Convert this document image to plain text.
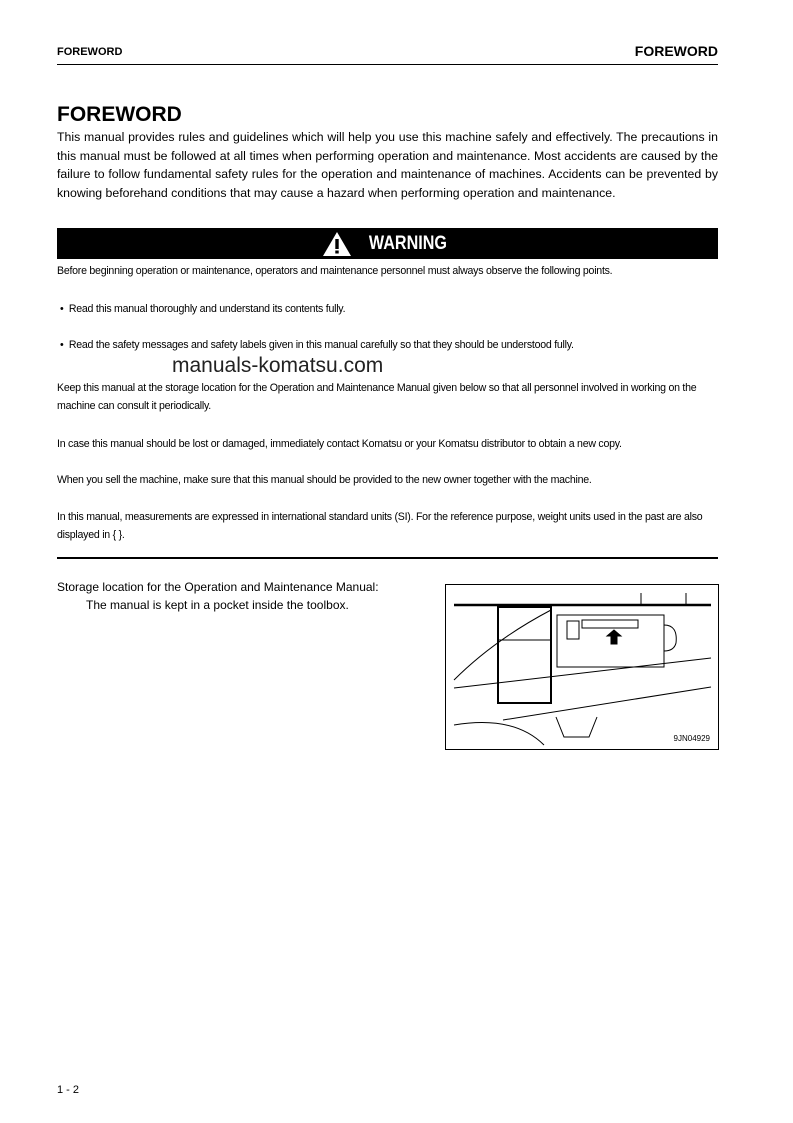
FOREWORD	FOREWORD
FOREWORD
This manual provides rules and guidelines which will help you use this machine safely and effectively. The precautions in this manual must be followed at all times when performing operation and maintenance. Most accidents are caused by the failure to follow fundamental safety rules for the operation and maintenance of machines. Accidents can be prevented by knowing beforehand conditions that may cause a hazard when performing operation and maintenance.
WARNING
Before beginning operation or maintenance, operators and maintenance personnel must always observe the following points.
•  Read this manual thoroughly and understand its contents fully.
•  Read the safety messages and safety labels given in this manual carefully so that they should be understood fully.
manuals-komatsu.com
Keep this manual at the storage location for the Operation and Maintenance Manual given below so that all personnel involved in working on the machine can consult it periodically.
In case this manual should be lost or damaged, immediately contact Komatsu or your Komatsu distributor to obtain a new copy.
When you sell the machine, make sure that this manual should be provided to the new owner together with the machine.
In this manual, measurements are expressed in international standard units (SI). For the reference purpose, weight units used in the past are also displayed in { }.
Storage location for the Operation and Maintenance Manual:
The manual is kept in a pocket inside the toolbox.
9JN04929
1 - 2
